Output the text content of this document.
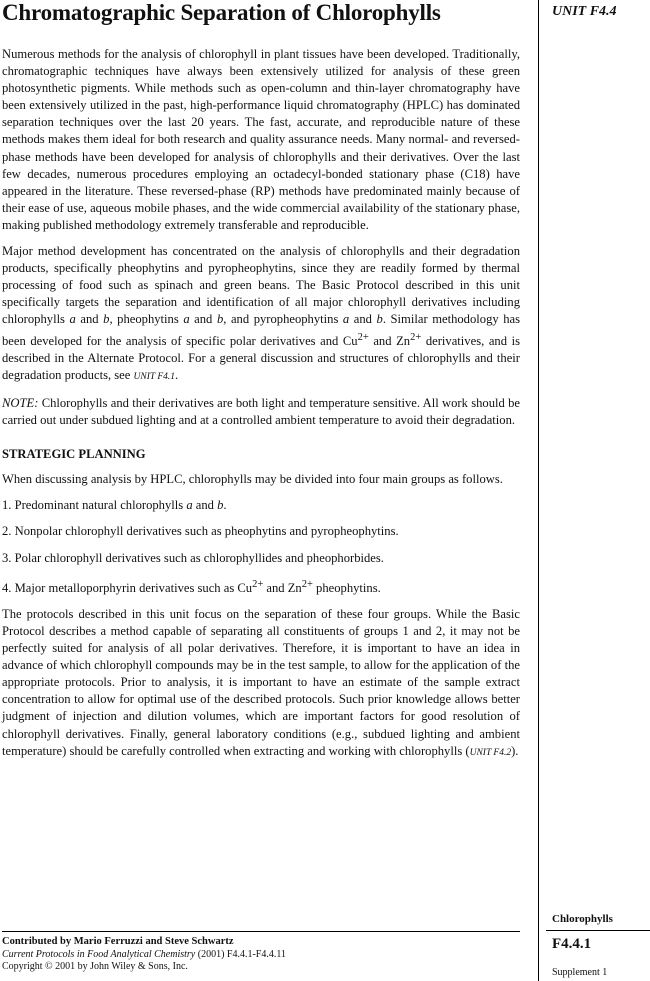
Chromatographic Separation of Chlorophylls	UNIT F4.4

Numerous methods for the analysis of chlorophyll in plant tissues have been developed. Traditionally, chromatographic techniques have always been extensively utilized for analysis of these green photosynthetic pigments. While methods such as open-column and thin-layer chromatography have been extensively utilized in the past, high-performance liquid chromatography (HPLC) has dominated separation techniques over the last 20 years. The fast, accurate, and reproducible nature of these methods makes them ideal for both research and quality assurance needs. Many normal- and reversed-phase methods have been developed for analysis of chlorophylls and their derivatives. Over the last few decades, numerous procedures employing an octadecyl-bonded stationary phase (C18) have appeared in the literature. These reversed-phase (RP) methods have predominated mainly because of their ease of use, aqueous mobile phases, and the wide commercial availability of the stationary phase, making published methodology extremely transferable and reproducible.

Major method development has concentrated on the analysis of chlorophylls and their degradation products, specifically pheophytins and pyropheophytins, since they are readily formed by thermal processing of food such as spinach and green beans. The Basic Protocol described in this unit specifically targets the separation and identification of all major chlorophyll derivatives including chlorophylls a and b, pheophytins a and b, and pyropheophytins a and b. Similar methodology has been developed for the analysis of specific polar derivatives and $Cu^{2+}$ and $Zn^{2+}$ derivatives, and is described in the Alternate Protocol. For a general discussion and structures of chlorophylls and their degradation products, see UNIT F4.1.

NOTE: Chlorophylls and their derivatives are both light and temperature sensitive. All work should be carried out under subdued lighting and at a controlled ambient temperature to avoid their degradation.

STRATEGIC PLANNING

When discussing analysis by HPLC, chlorophylls may be divided into four main groups as follows.

1. Predominant natural chlorophylls a and b.

2. Nonpolar chlorophyll derivatives such as pheophytins and pyropheophytins.

3. Polar chlorophyll derivatives such as chlorophyllides and pheophorbides.

4. Major metalloporphyrin derivatives such as $Cu^{2+}$ and $Zn^{2+}$ pheophytins.

The protocols described in this unit focus on the separation of these four groups. While the Basic Protocol describes a method capable of separating all constituents of groups 1 and 2, it may not be perfectly suited for analysis of all polar derivatives. Therefore, it is important to have an idea in advance of which chlorophyll compounds may be in the test sample, to allow for the application of the appropriate protocols. Prior to analysis, it is important to have an estimate of the sample extract concentration to allow for optimal use of the described protocols. Such prior knowledge allows better judgment of injection and dilution volumes, which are important factors for good resolution of chlorophyll derivatives. Finally, general laboratory conditions (e.g., subdued lighting and ambient temperature) should be carefully controlled when extracting and working with chlorophylls (UNIT F4.2).

Chlorophylls
F4.4.1
Supplement 1
Contributed by Mario Ferruzzi and Steve Schwartz
Current Protocols in Food Analytical Chemistry (2001) F4.4.1-F4.4.11
Copyright © 2001 by John Wiley & Sons, Inc.
